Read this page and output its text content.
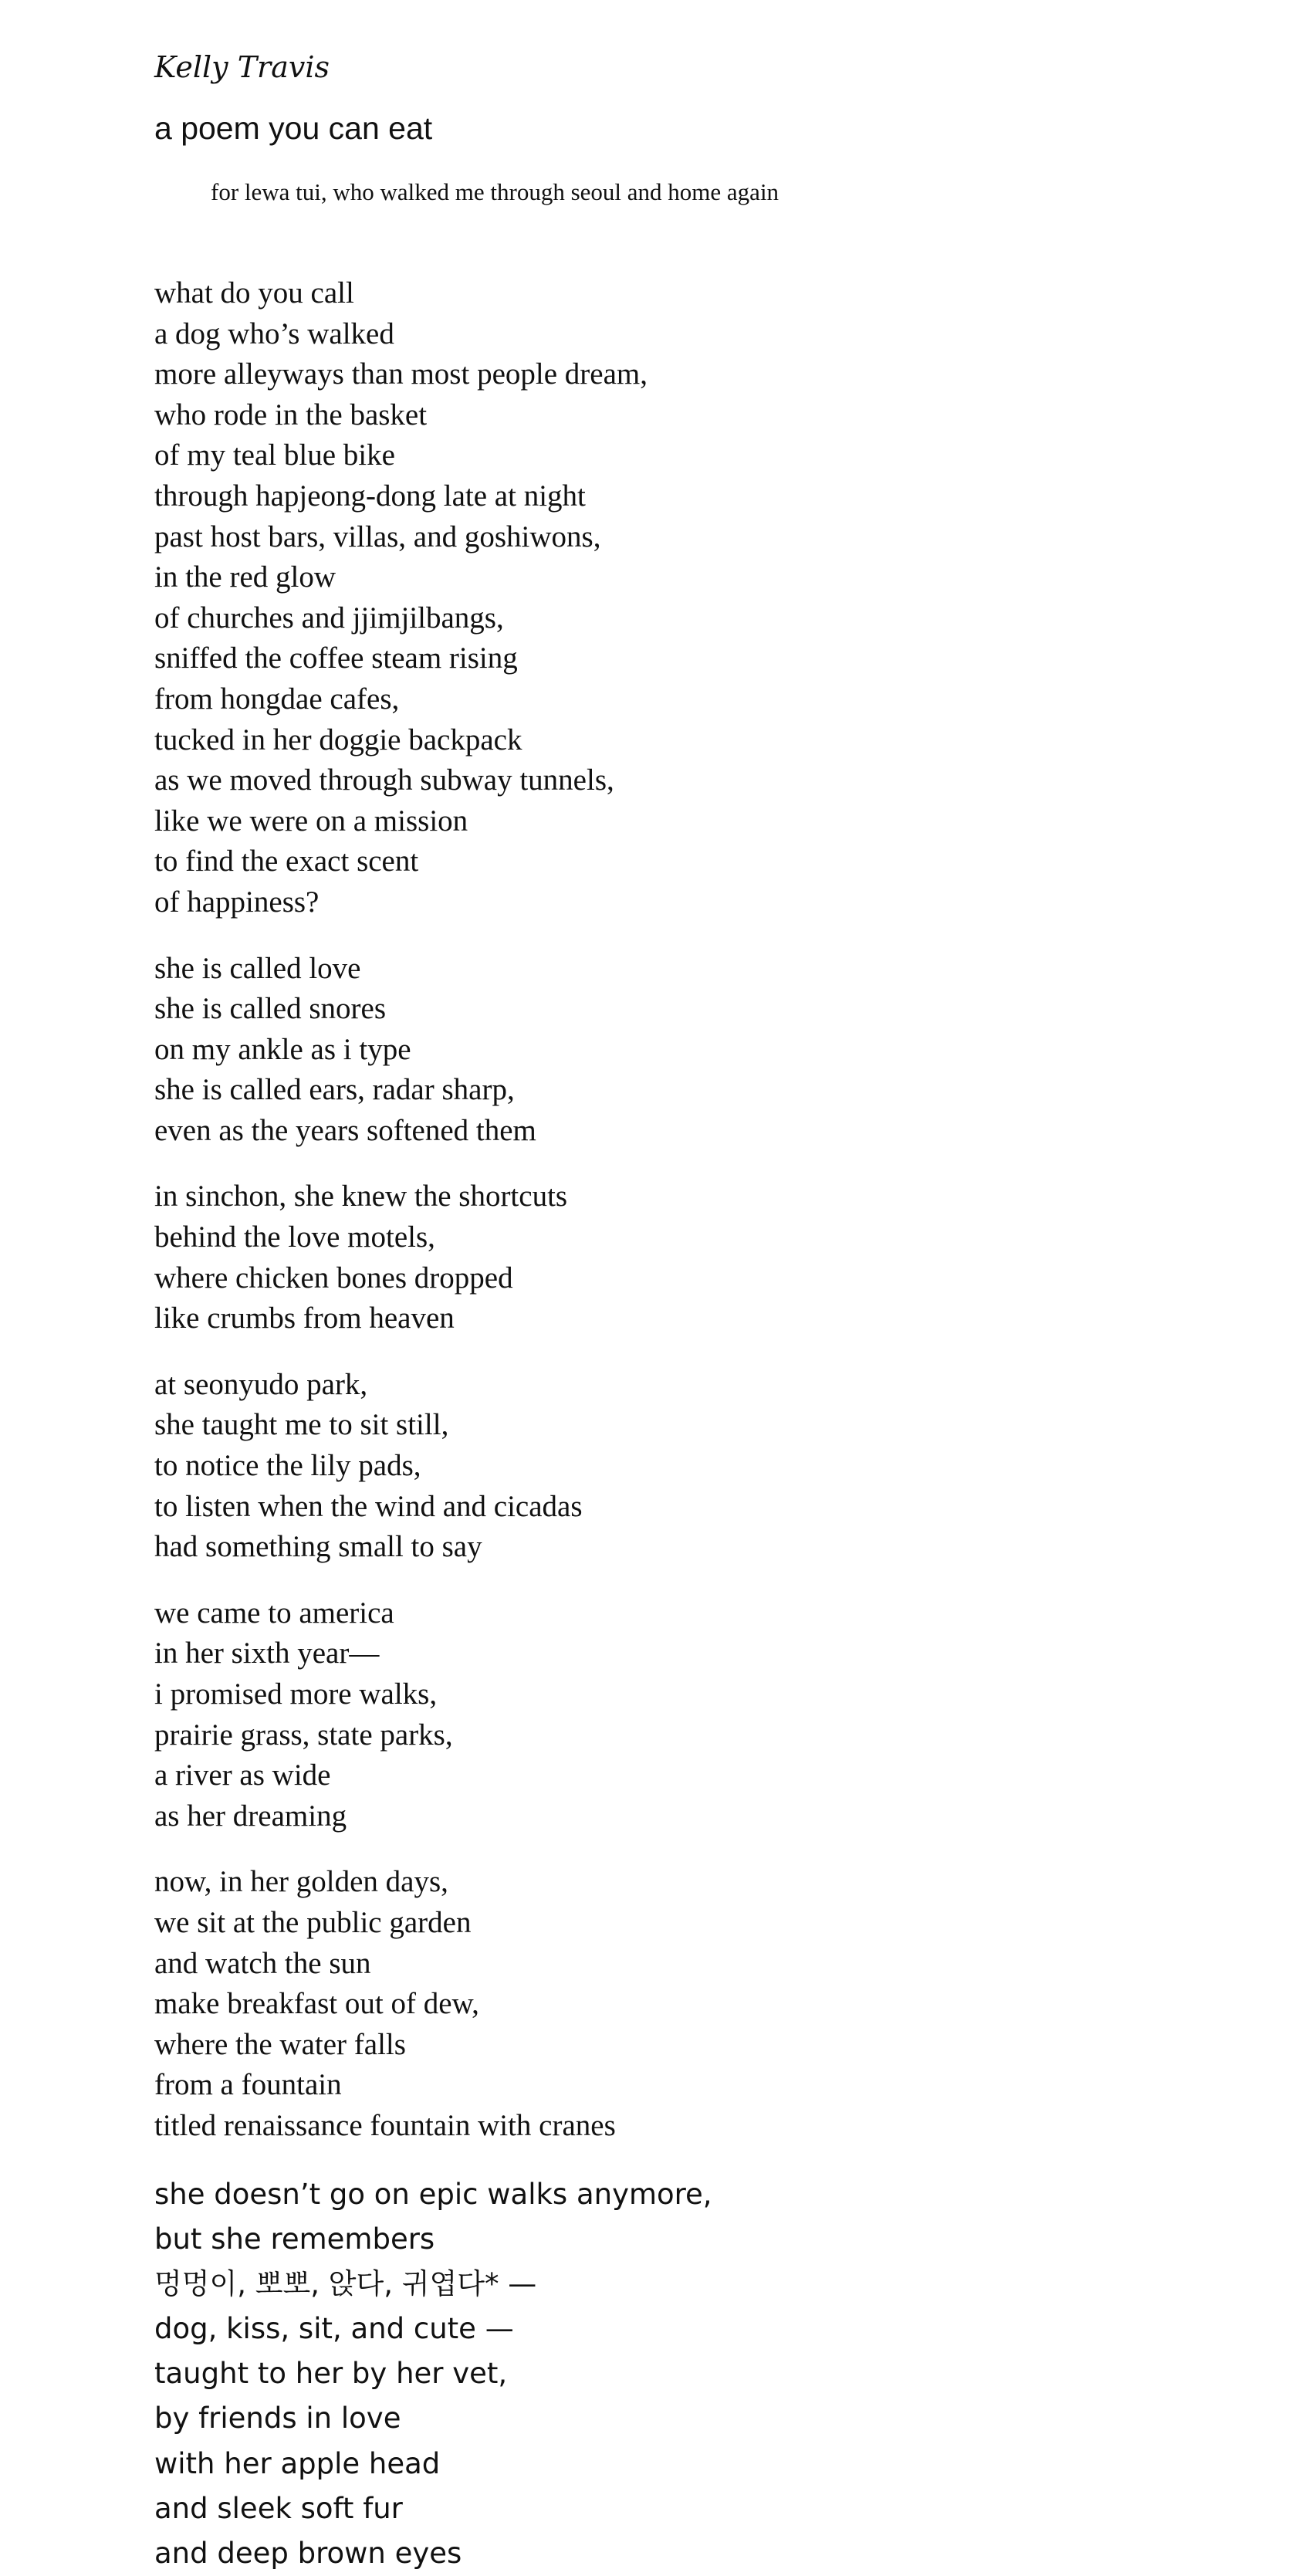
Kelly Travis
a poem you can eat
for lewa tui, who walked me through seoul and home again
what do you call
a dog who’s walked
more alleyways than most people dream,
who rode in the basket
of my teal blue bike
through hapjeong-dong late at night
past host bars, villas, and goshiwons,
in the red glow
of churches and jjimjilbangs,
sniffed the coffee steam rising
from hongdae cafes,
tucked in her doggie backpack
as we moved through subway tunnels,
like we were on a mission
to find the exact scent
of happiness?
she is called love
she is called snores
on my ankle as i type
she is called ears, radar sharp,
even as the years softened them
in sinchon, she knew the shortcuts
behind the love motels,
where chicken bones dropped
like crumbs from heaven
at seonyudo park,
she taught me to sit still,
to notice the lily pads,
to listen when the wind and cicadas
had something small to say
we came to america
in her sixth year—
i promised more walks,
prairie grass, state parks,
a river as wide
as her dreaming
now, in her golden days,
we sit at the public garden
and watch the sun
make breakfast out of dew,
where the water falls
from a fountain
titled renaissance fountain with cranes
she doesn’t go on epic walks anymore,
but she remembers
멍멍이, 뽀뽀, 앉다, 귀엽다* —
dog, kiss, sit, and cute —
taught to her by her vet,
by friends in love
with her apple head
and sleek soft fur
and deep brown eyes
